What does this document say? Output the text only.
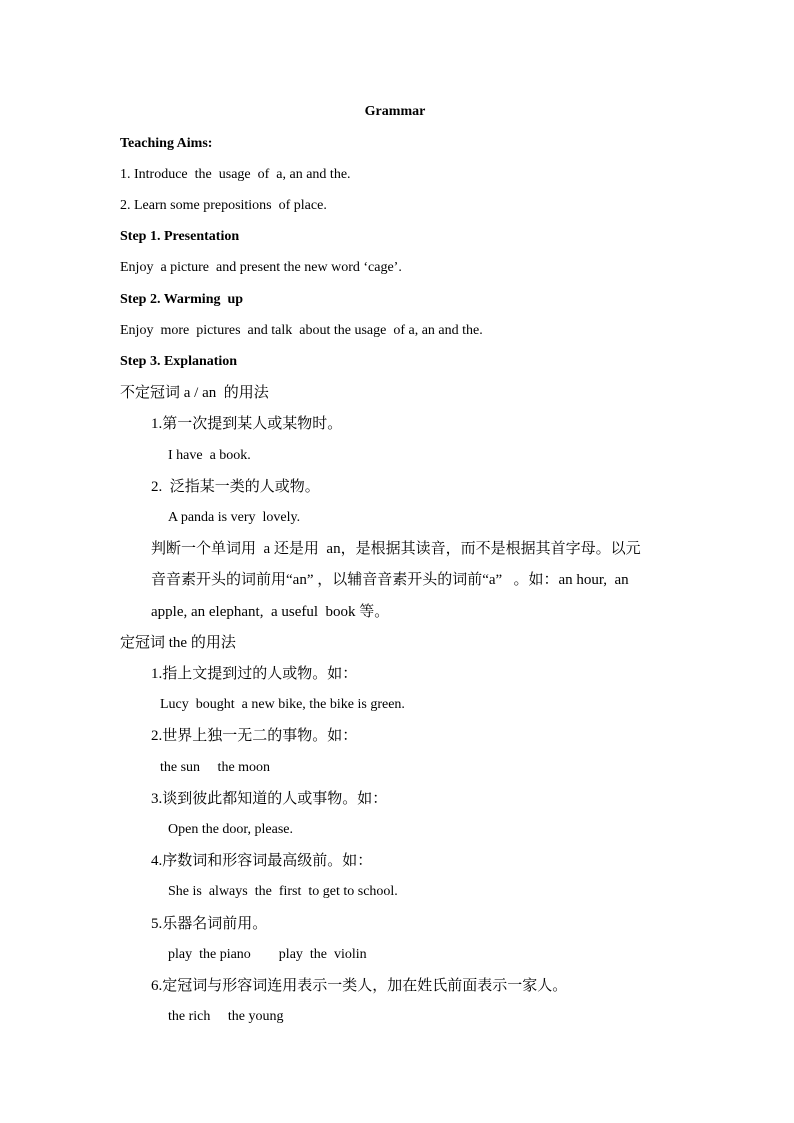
Grammar
Teaching Aims:
1. Introduce  the  usage  of  a, an and the.
2. Learn some prepositions  of place.
Step 1. Presentation
Enjoy  a picture  and present the new word ‘cage’.
Step 2. Warming  up
Enjoy  more  pictures  and talk  about the usage  of a, an and the.
Step 3. Explanation
不定冠词 a / an  的用法
1.第一次提到某人或某物时。
I have  a book.
2.  泛指某一类的人或物。
A panda is very  lovely.
判断一个单词用  a 还是用  an，是根据其读音，而不是根据其首字母。以元
音音素开头的词前用“an” ，以辅音音素开头的词前“a”   。如：an hour,  an
apple, an elephant,  a useful  book 等。
定冠词 the 的用法
1.指上文提到过的人或物。如：
Lucy  bought  a new bike, the bike is green.
2.世界上独一无二的事物。如：
the sun     the moon
3.谈到彼此都知道的人或事物。如：
Open the door, please.
4.序数词和形容词最高级前。如：
She is  always  the  first  to get to school.
5.乐器名词前用。
play  the piano        play  the  violin
6.定冠词与形容词连用表示一类人，加在姓氏前面表示一家人。
the rich     the young
